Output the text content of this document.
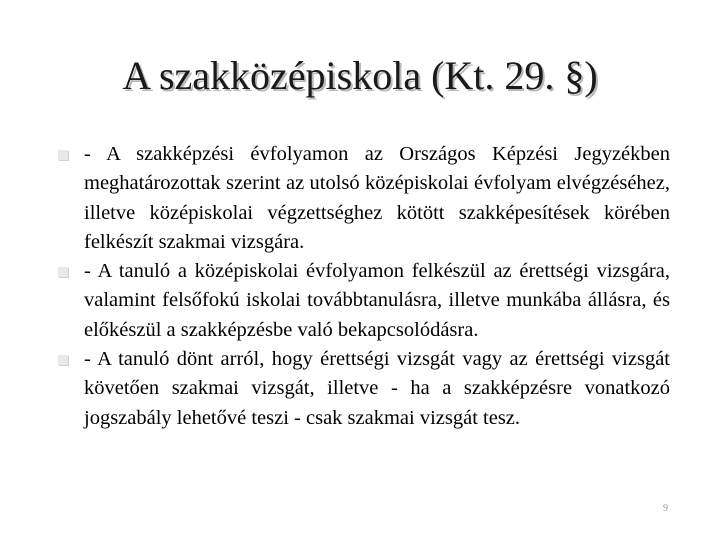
A szakközépiskola (Kt. 29. §)
- A szakképzési évfolyamon az Országos Képzési Jegyzékben meghatározottak szerint az utolsó középiskolai évfolyam elvégzéséhez, illetve középiskolai végzettséghez kötött szakképesítések körében felkészít szakmai vizsgára.
- A tanuló a középiskolai évfolyamon felkészül az érettségi vizsgára, valamint felsőfokú iskolai továbbtanulásra, illetve munkába állásra, és előkészül a szakképzésbe való bekapcsolódásra.
- A tanuló dönt arról, hogy érettségi vizsgát vagy az érettségi vizsgát követően szakmai vizsgát, illetve - ha a szakképzésre vonatkozó jogszabály lehetővé teszi - csak szakmai vizsgát tesz.
9
